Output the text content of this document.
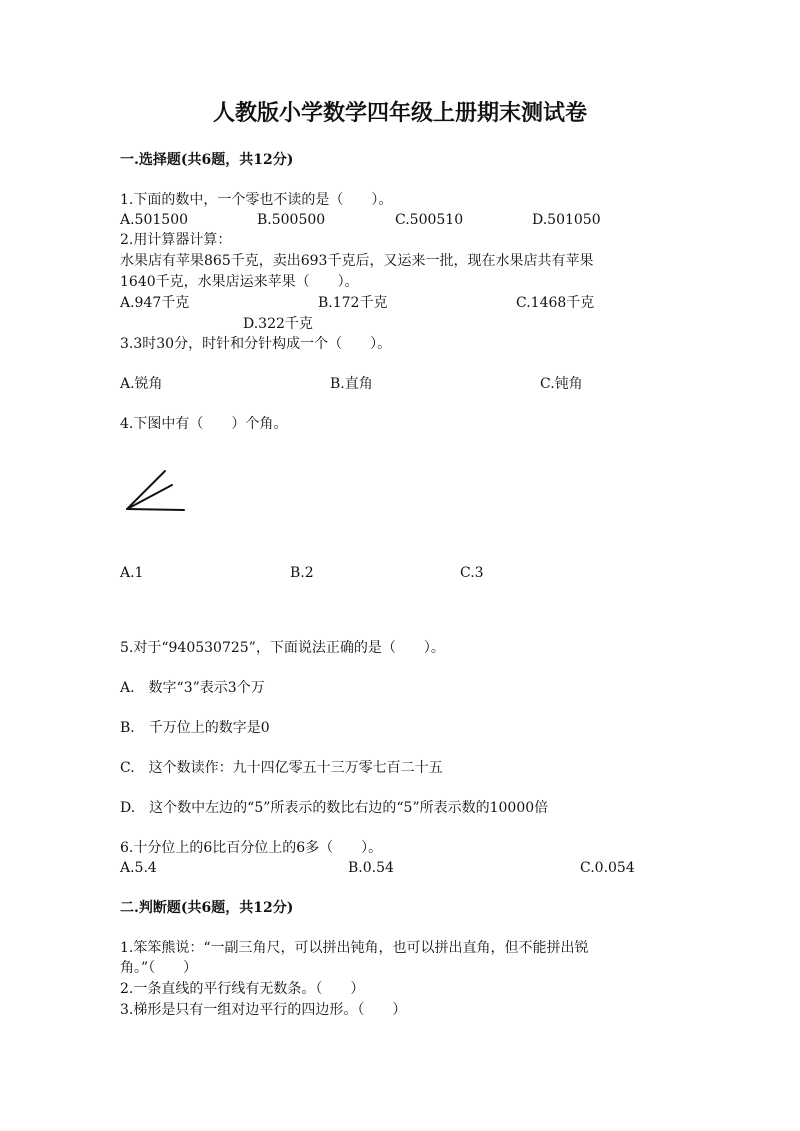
人教版小学数学四年级上册期末测试卷
一.选择题(共6题，共12分)
1.下面的数中，一个零也不读的是（　　）。
A.501500	B.500500	C.500510	D.501050
2.用计算器计算：
水果店有苹果865千克，卖出693千克后，又运来一批，现在水果店共有苹果
1640千克，水果店运来苹果（　　）。
A.947千克	B.172千克	C.1468千克
D.322千克
3.3时30分，时针和分针构成一个（　　）。
A.锐角	B.直角	C.钝角
4.下图中有（　　）个角。
A.1	B.2	C.3
5.对于“940530725”，下面说法正确的是（　　）。
A.　数字“3”表示3个万
B.　千万位上的数字是0
C.　这个数读作：九十四亿零五十三万零七百二十五
D.　这个数中左边的“5”所表示的数比右边的“5”所表示数的10000倍
6.十分位上的6比百分位上的6多（　　）。
A.5.4	B.0.54	C.0.054
二.判断题(共6题，共12分)
1.笨笨熊说：“一副三角尺，可以拼出钝角，也可以拼出直角，但不能拼出锐
角。”（　　）
2.一条直线的平行线有无数条。（　　）
3.梯形是只有一组对边平行的四边形。（　　）
